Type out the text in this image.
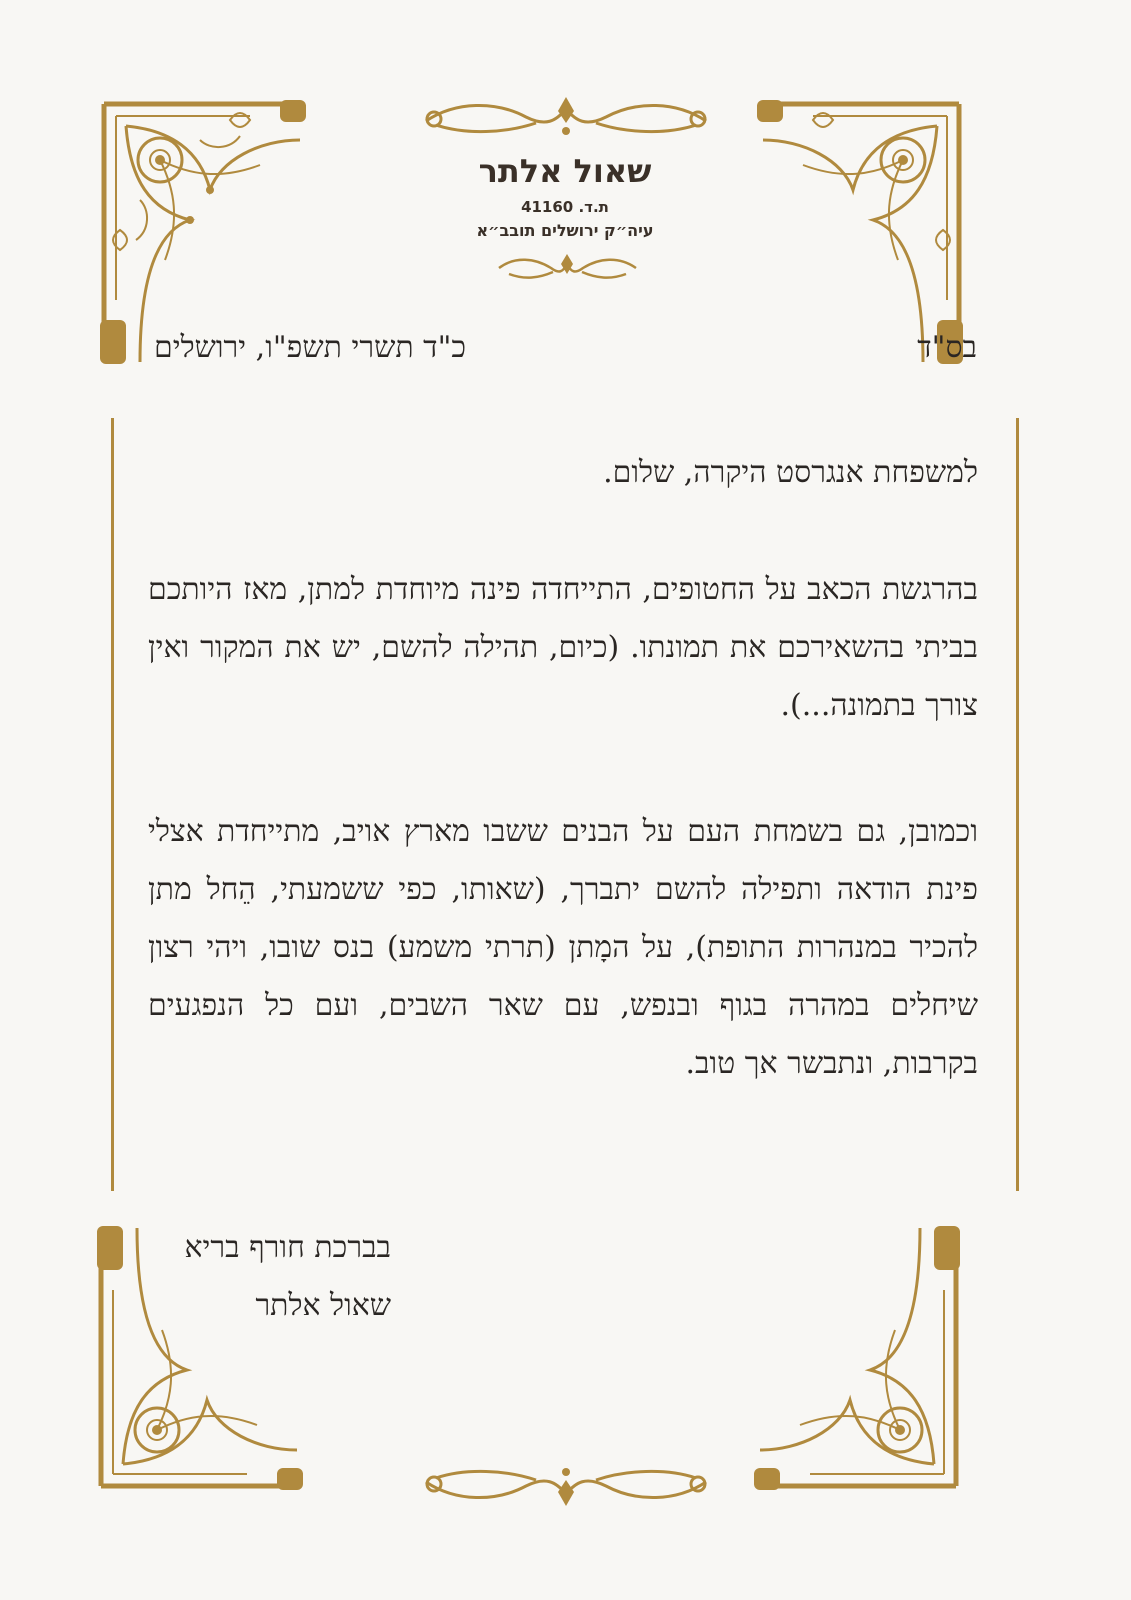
שאול אלתר
ת.ד. 41160
עיה״ק ירושלים תובב״א
בס"ד
כ"ד תשרי תשפ"ו, ירושלים
למשפחת אנגרסט היקרה, שלום.
בהרגשת הכאב על החטופים, התייחדה פינה מיוחדת למתן, מאז היותכם בביתי בהשאירכם את תמונתו. (כיום, תהילה להשם, יש את המקור ואין צורך בתמונה...).
וכמובן, גם בשמחת העם על הבנים ששבו מארץ אויב, מתייחדת אצלי פינת הודאה ותפילה להשם יתברך, (שאותו, כפי ששמעתי, הֵחל מתן להכיר במנהרות התופת), על המָתן (תרתי משמע) בנס שובו, ויהי רצון שיחלים במהרה בגוף ובנפש, עם שאר השבים, ועם כל הנפגעים בקרבות, ונתבשר אך טוב.
בברכת חורף בריא
שאול אלתר
